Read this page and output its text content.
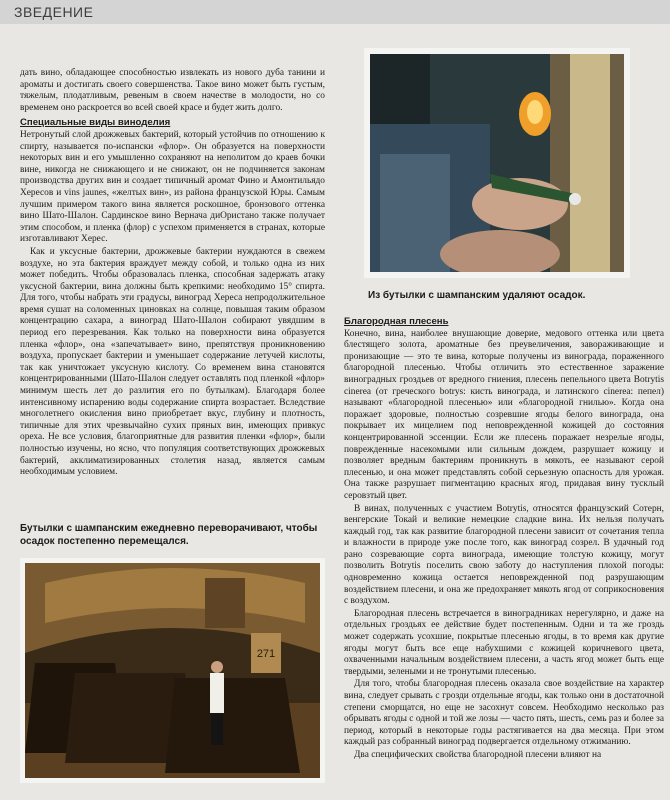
ЗВЕДЕНИЕ
Из бутылки с шампанским удаляют осадок.

дать вино, обладающее способностью извлекать из нового дуба танини и ароматы и достигать своего совершенства. Такое вино может быть густым, тяжелым, плодатливым, ревеным в своем начестве в молодости, но со временем оно раскроется во всей своей красе и будет жить долго.

Специальные виды виноделия

Нетронутый слой дрожжевых бактерий, который устойчив по отношению к спирту, называется по-испански «флор». Он образуется на поверхности некоторых вин и его умышленно сохраняют на неполитом до краев бочки вине, никогда не снижающего и не снижают, он не подчиняется законам производства других вин и создает типичный аромат Фино и Амонтильядо Хересов и vins jaunes, «желтых вин», из района французской Юры. Самым лучшим примером такого вина является роскошное, бронзового оттенка вино Шато-Шалон. Сардинское вино Вернача диОристано также получает этим способом, и пленка (флор) с успехом применяется в странах, которые изготавливают Херес.

Как и уксусные бактерии, дрожжевые бактерии нуждаются в свежем воздухе, но эта бактерия враждует между собой, и только одна из них может победить. Чтобы образовалась пленка, способная задержать атаку уксусной бактерии, вина должны быть крепкими: необходимо 15° спирта. Для того, чтобы набрать эти градусы, виноград Хереса непродолжительное время сушат на соломенных циновках на солнце, повышая таким образом концентрацию сахара, а виноград Шато-Шалон собирают увядшим в период его перезревания. Как только на поверхности вина образуется пленка «флор», она «запечатывает» вино, препятствуя проникновению воздуха, пропускает бактерии и уменьшает содержание летучей кислоты, так как уничтожает уксусную кислоту. Со временем вина становятся концентрированными (Шато-Шалон следует оставлять под пленкой «флор» минимум шесть лет до разлития его по бутылкам). Благодаря более интенсивному испарению воды содержание спирта возрастает. Вследствие многолетнего окисления вино приобретает вкус, глубину и плотность, типичные для этих чрезвычайно сухих пряных вин, имеющих привкус ореха. Не все условия, благоприятные для развития пленки «флор», были полностью изучены, но ясно, что популяция соответствующих дрожжевых бактерий, акклиматизированных столетия назад, является самым необходимым условием.

Бутылки с шампанским ежедневно переворачивают, чтобы осадок постепенно перемещался.
271
Благородная плесень

Конечно, вина, наиболее внушающие доверие, медового оттенка или цвета блестящего золота, ароматные без преувеличения, завораживающие и пронизающие — это те вина, которые получены из винограда, пораженного благородной плесенью. Чтобы отличить это естественное заражение виноградных гроздьев от вредного гниения, плесень пепельного цвета Botrytis cinerea (от греческого botrys: кисть винограда, и латинского cinerea: пепел) называют «благородной плесенью» или «благородной гнилью». Когда она поражает здоровые, полностью созревшие ягоды белого винограда, она покрывает их мицелием под неповрежденной кожицей до состояния концентрированной эссенции. Если же плесень поражает незрелые ягоды, поврежденные насекомыми или сильным дождем, разрушает кожицу и позволяет вредным бактериям проникнуть в мякоть, ее называют серой плесенью, и она может представлять собой серьезную опасность для урожая. Она также разрушает пигментацию красных ягод, придавая вину тусклый серовзтый цвет.

В винах, полученных с участием Botrytis, относятся французский Сотерн, венгерские Токай и великие немецкие сладкие вина. Их нельзя получать каждый год, так как развитие благородной плесени зависит от сочетания тепла и влажности в природе уже после того, как виноград созрел. В удачный год рано созревающие сорта винограда, имеющие толстую кожицу, могут позволить Botrytis поселить свою заботу до наступления плохой погоды: одновременно кожица остается неповрежденной под разрушающим воздействием плесени, и она же предохраняет мякоть ягод от соприкосновения с воздухом.

Благородная плесень встречается в виноградниках нерегулярно, и даже на отдельных гроздьях ее действие будет постепенным. Одни и та же гроздь может содержать усохшие, покрытые плесенью ягоды, в то время как другие ягоды могут быть все еще набухшими с кожицей коричневого цвета, охваченными начальным воздействием плесени, а часть ягод может быть еще твердыми, зелеными и не тронутыми плесенью.

Для того, чтобы благородная плесень оказала свое воздействие на характер вина, следует срывать с грозди отдельные ягоды, как только они в достаточной степени сморщатся, но еще не засохнут совсем. Необходимо несколько раз обрывать ягоды с одной и той же лозы — часто пять, шесть, семь раз и более за период, который в некоторые годы растягивается на два месяца. При этом каждый раз собранный виноград подвергается отдельному отжиманию.

Два специфических свойства благородной плесени влияют на
